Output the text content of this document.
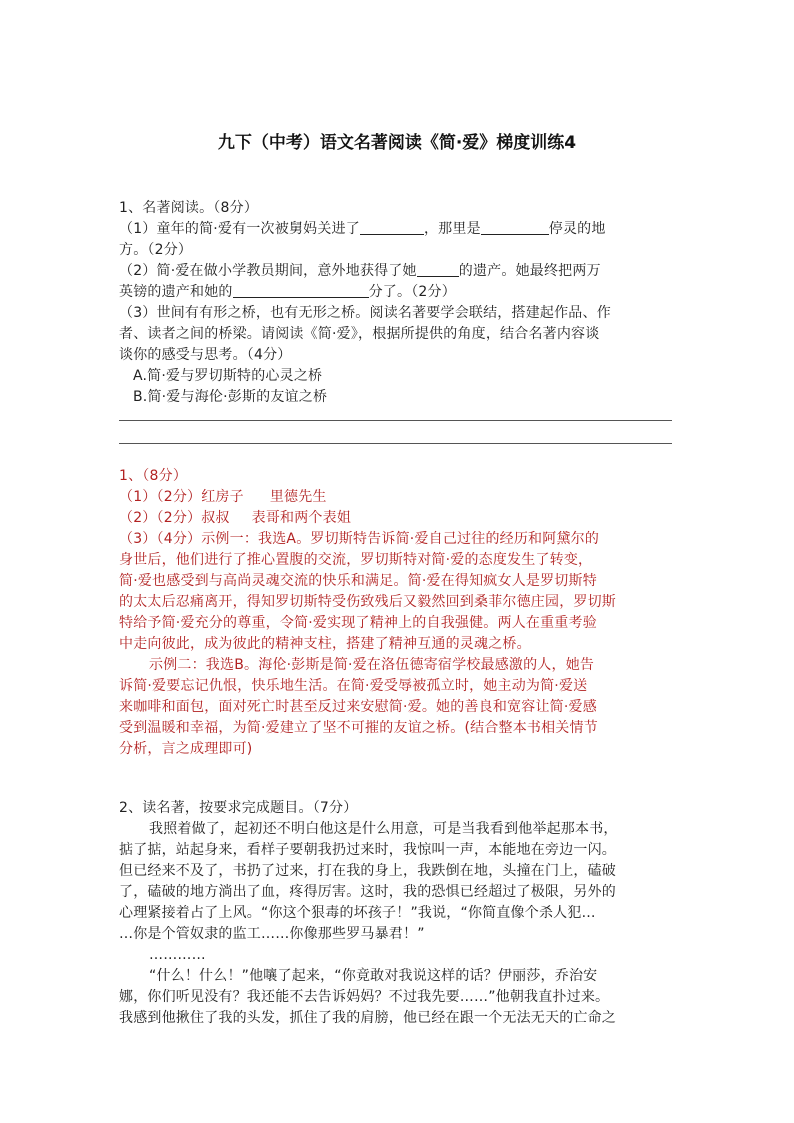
九下（中考）语文名著阅读《简·爱》梯度训练4
1、名著阅读。（8分）
（1）童年的简·爱有一次被舅妈关进了	，那里是	停灵的地
方。（2分）
（2）简·爱在做小学教员期间，意外地获得了她	的遗产。她最终把两万
英镑的遗产和她的	分了。（2分）
（3）世间有有形之桥，也有无形之桥。阅读名著要学会联结，搭建起作品、作
者、读者之间的桥梁。请阅读《简·爱》，根据所提供的角度，结合名著内容谈
谈你的感受与思考。（4分）
A.简·爱与罗切斯特的心灵之桥
B.简·爱与海伦·彭斯的友谊之桥
1、（8分）
（1）（2分）红房子 里德先生
（2）（2分）叔叔 表哥和两个表姐
（3）（4分）示例一：我选A。罗切斯特告诉简·爱自己过往的经历和阿黛尔的
身世后，他们进行了推心置腹的交流，罗切斯特对简·爱的态度发生了转变，
简·爱也感受到与高尚灵魂交流的快乐和满足。简·爱在得知疯女人是罗切斯特
的太太后忍痛离开，得知罗切斯特受伤致残后又毅然回到桑菲尔德庄园，罗切斯
特给予简·爱充分的尊重，令简·爱实现了精神上的自我强健。两人在重重考验
中走向彼此，成为彼此的精神支柱，搭建了精神互通的灵魂之桥。
示例二：我选B。海伦·彭斯是简·爱在洛伍德寄宿学校最感激的人，她告
诉简·爱要忘记仇恨，快乐地生活。在简·爱受辱被孤立时，她主动为简·爱送
来咖啡和面包，面对死亡时甚至反过来安慰简·爱。她的善良和宽容让简·爱感
受到温暖和幸福，为简·爱建立了坚不可摧的友谊之桥。(结合整本书相关情节
分析，言之成理即可)
2、读名著，按要求完成题目。（7分）
我照着做了，起初还不明白他这是什么用意，可是当我看到他举起那本书，
掂了掂，站起身来，看样子要朝我扔过来时，我惊叫一声，本能地在旁边一闪。
但已经来不及了，书扔了过来，打在我的身上，我跌倒在地，头撞在门上，磕破
了，磕破的地方淌出了血，疼得厉害。这时，我的恐惧已经超过了极限，另外的
心理紧接着占了上风。“你这个狠毒的坏孩子！”我说，“你简直像个杀人犯…
…你是个管奴隶的监工……你像那些罗马暴君！”
…………
“什么！什么！”他嚷了起来，“你竟敢对我说这样的话？伊丽莎，乔治安
娜，你们听见没有？我还能不去告诉妈妈？不过我先要……”他朝我直扑过来。
我感到他揪住了我的头发，抓住了我的肩膀，他已经在跟一个无法无天的亡命之
